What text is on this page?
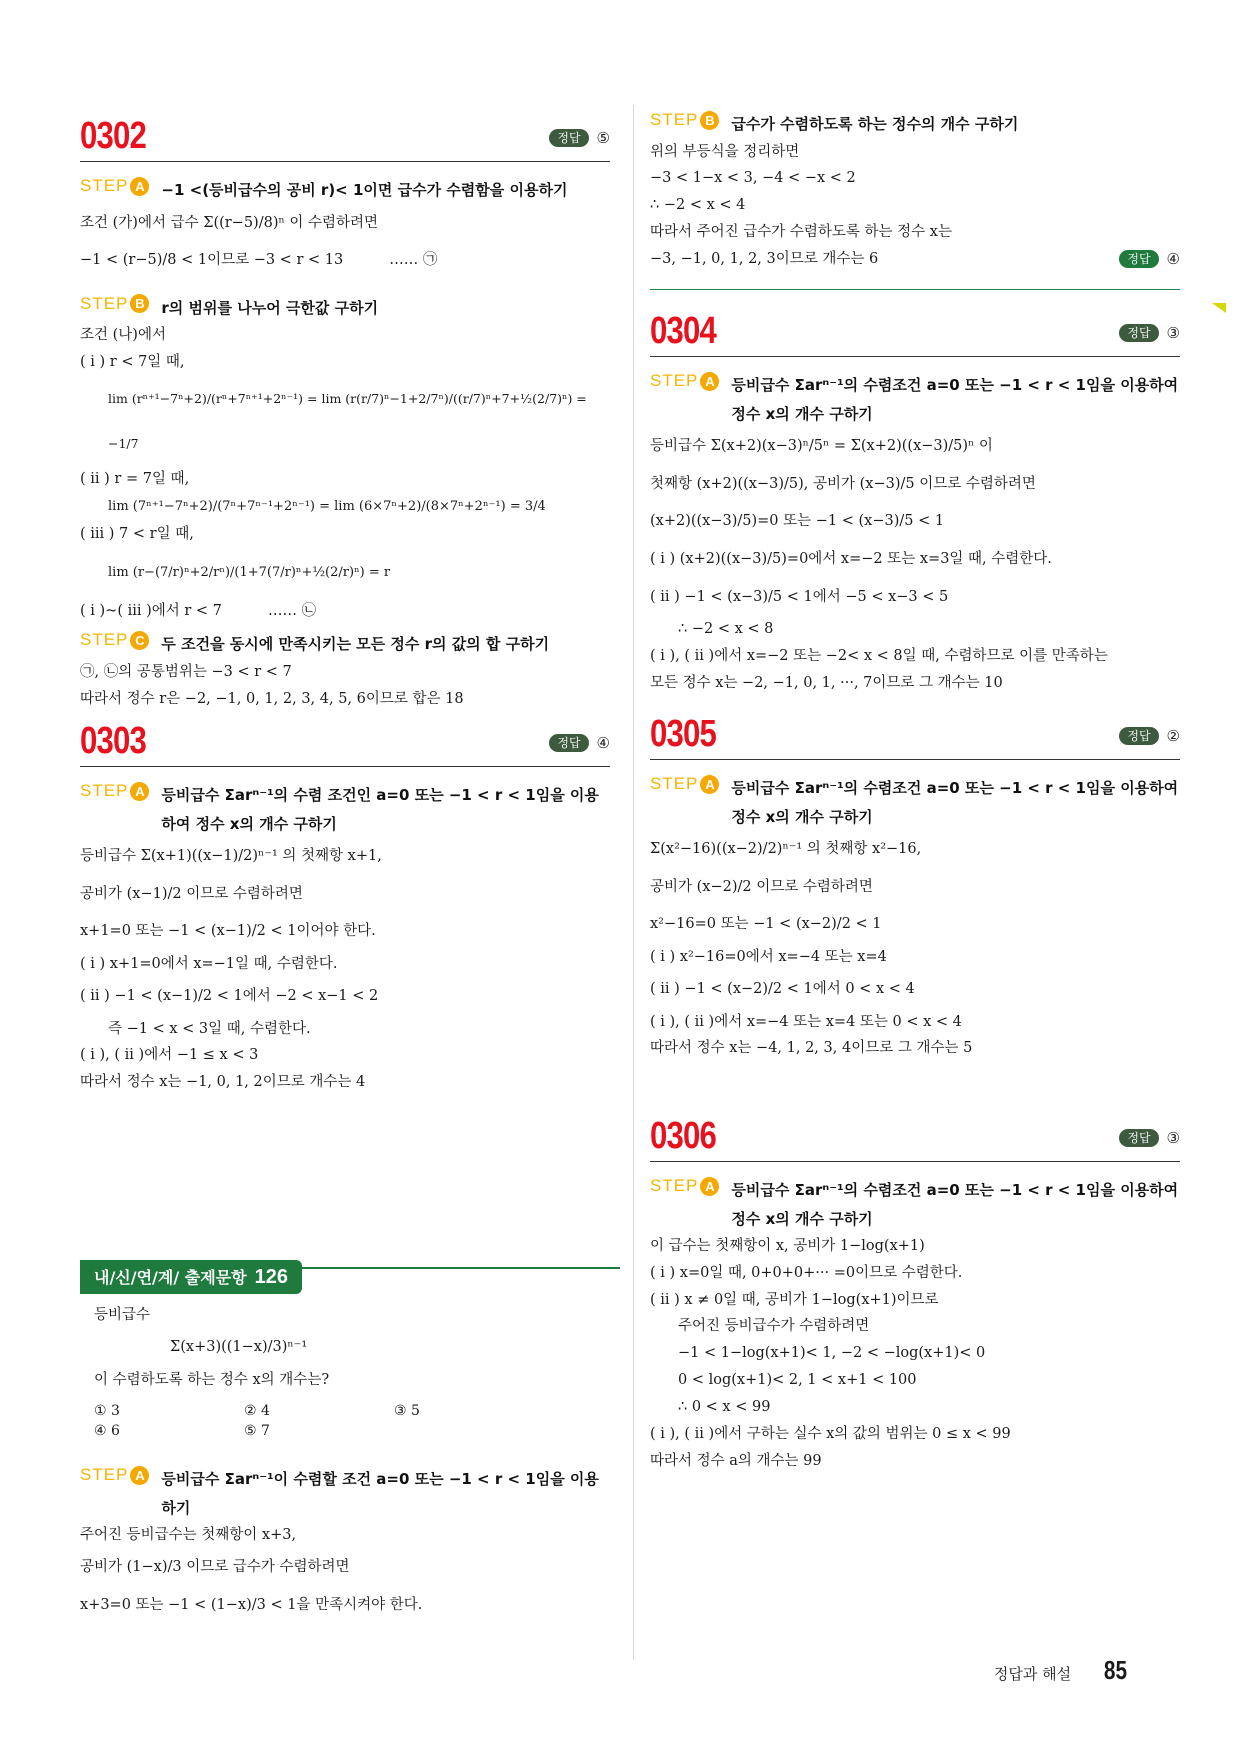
0302	정답	⑤
STEP A	−1 <(등비급수의 공비 r)< 1이면 급수가 수렴함을 이용하기
조건 (가)에서 급수 Σ((r−5)/8)ⁿ 이 수렴하려면
−1 < (r−5)/8 < 1이므로 −3 < r < 13          …… ㉠
STEP B	r의 범위를 나누어 극한값 구하기
조건 (나)에서
( i ) r < 7일 때,
lim (rⁿ⁺¹−7ⁿ+2)/(rⁿ+7ⁿ⁺¹+2ⁿ⁻¹) = lim (r(r/7)ⁿ−1+2/7ⁿ)/((r/7)ⁿ+7+½(2/7)ⁿ) = −1/7
( ii ) r = 7일 때,
lim (7ⁿ⁺¹−7ⁿ+2)/(7ⁿ+7ⁿ⁻¹+2ⁿ⁻¹) = lim (6×7ⁿ+2)/(8×7ⁿ+2ⁿ⁻¹) = 3/4
( iii ) 7 < r일 때,
lim (r−(7/r)ⁿ+2/rⁿ)/(1+7(7/r)ⁿ+½(2/r)ⁿ) = r
( i )~( iii )에서 r < 7          …… ㉡
STEP C	두 조건을 동시에 만족시키는 모든 정수 r의 값의 합 구하기
㉠, ㉡의 공통범위는 −3 < r < 7
따라서 정수 r은 −2, −1, 0, 1, 2, 3, 4, 5, 6이므로 합은 18
0303	정답	④
STEP A	등비급수 Σarⁿ⁻¹의 수렴 조건인 a=0 또는 −1 < r < 1임을 이용하여 정수 x의 개수 구하기
등비급수 Σ(x+1)((x−1)/2)ⁿ⁻¹ 의 첫째항 x+1,
공비가 (x−1)/2 이므로 수렴하려면
x+1=0 또는 −1 < (x−1)/2 < 1이어야 한다.
( i ) x+1=0에서 x=−1일 때, 수렴한다.
( ii ) −1 < (x−1)/2 < 1에서 −2 < x−1 < 2
즉 −1 < x < 3일 때, 수렴한다.
( i ), ( ii )에서 −1 ≤ x < 3
따라서 정수 x는 −1, 0, 1, 2이므로 개수는 4
내/신/연/계/ 출제문항 126
등비급수
Σ(x+3)((1−x)/3)ⁿ⁻¹
이 수렴하도록 하는 정수 x의 개수는?
① 3	② 4	③ 5
④ 6	⑤ 7
STEP A	등비급수 Σarⁿ⁻¹이 수렴할 조건 a=0 또는 −1 < r < 1임을 이용하기
주어진 등비급수는 첫째항이 x+3,
공비가 (1−x)/3 이므로 급수가 수렴하려면
x+3=0 또는 −1 < (1−x)/3 < 1을 만족시켜야 한다.
STEP B	급수가 수렴하도록 하는 정수의 개수 구하기
위의 부등식을 정리하면
−3 < 1−x < 3, −4 < −x < 2
∴ −2 < x < 4
따라서 주어진 급수가 수렴하도록 하는 정수 x는
−3, −1, 0, 1, 2, 3이므로 개수는 6	정답	④
0304	정답	③
STEP A	등비급수 Σarⁿ⁻¹의 수렴조건 a=0 또는 −1 < r < 1임을 이용하여 정수 x의 개수 구하기
등비급수 Σ(x+2)(x−3)ⁿ/5ⁿ = Σ(x+2)((x−3)/5)ⁿ 이
첫째항 (x+2)((x−3)/5), 공비가 (x−3)/5 이므로 수렴하려면
(x+2)((x−3)/5)=0 또는 −1 < (x−3)/5 < 1
( i ) (x+2)((x−3)/5)=0에서 x=−2 또는 x=3일 때, 수렴한다.
( ii ) −1 < (x−3)/5 < 1에서 −5 < x−3 < 5
∴ −2 < x < 8
( i ), ( ii )에서 x=−2 또는 −2< x < 8일 때, 수렴하므로 이를 만족하는
모든 정수 x는 −2, −1, 0, 1, ···, 7이므로 그 개수는 10
0305	정답	②
STEP A	등비급수 Σarⁿ⁻¹의 수렴조건 a=0 또는 −1 < r < 1임을 이용하여 정수 x의 개수 구하기
Σ(x²−16)((x−2)/2)ⁿ⁻¹ 의 첫째항 x²−16,
공비가 (x−2)/2 이므로 수렴하려면
x²−16=0 또는 −1 < (x−2)/2 < 1
( i ) x²−16=0에서 x=−4 또는 x=4
( ii ) −1 < (x−2)/2 < 1에서 0 < x < 4
( i ), ( ii )에서 x=−4 또는 x=4 또는 0 < x < 4
따라서 정수 x는 −4, 1, 2, 3, 4이므로 그 개수는 5
0306	정답	③
STEP A	등비급수 Σarⁿ⁻¹의 수렴조건 a=0 또는 −1 < r < 1임을 이용하여 정수 x의 개수 구하기
이 급수는 첫째항이 x, 공비가 1−log(x+1)
( i ) x=0일 때, 0+0+0+··· =0이므로 수렴한다.
( ii ) x ≠ 0일 때, 공비가 1−log(x+1)이므로
주어진 등비급수가 수렴하려면
−1 < 1−log(x+1)< 1, −2 < −log(x+1)< 0
0 < log(x+1)< 2, 1 < x+1 < 100
∴ 0 < x < 99
( i ), ( ii )에서 구하는 실수 x의 값의 범위는 0 ≤ x < 99
따라서 정수 a의 개수는 99
정답과 해설 85
